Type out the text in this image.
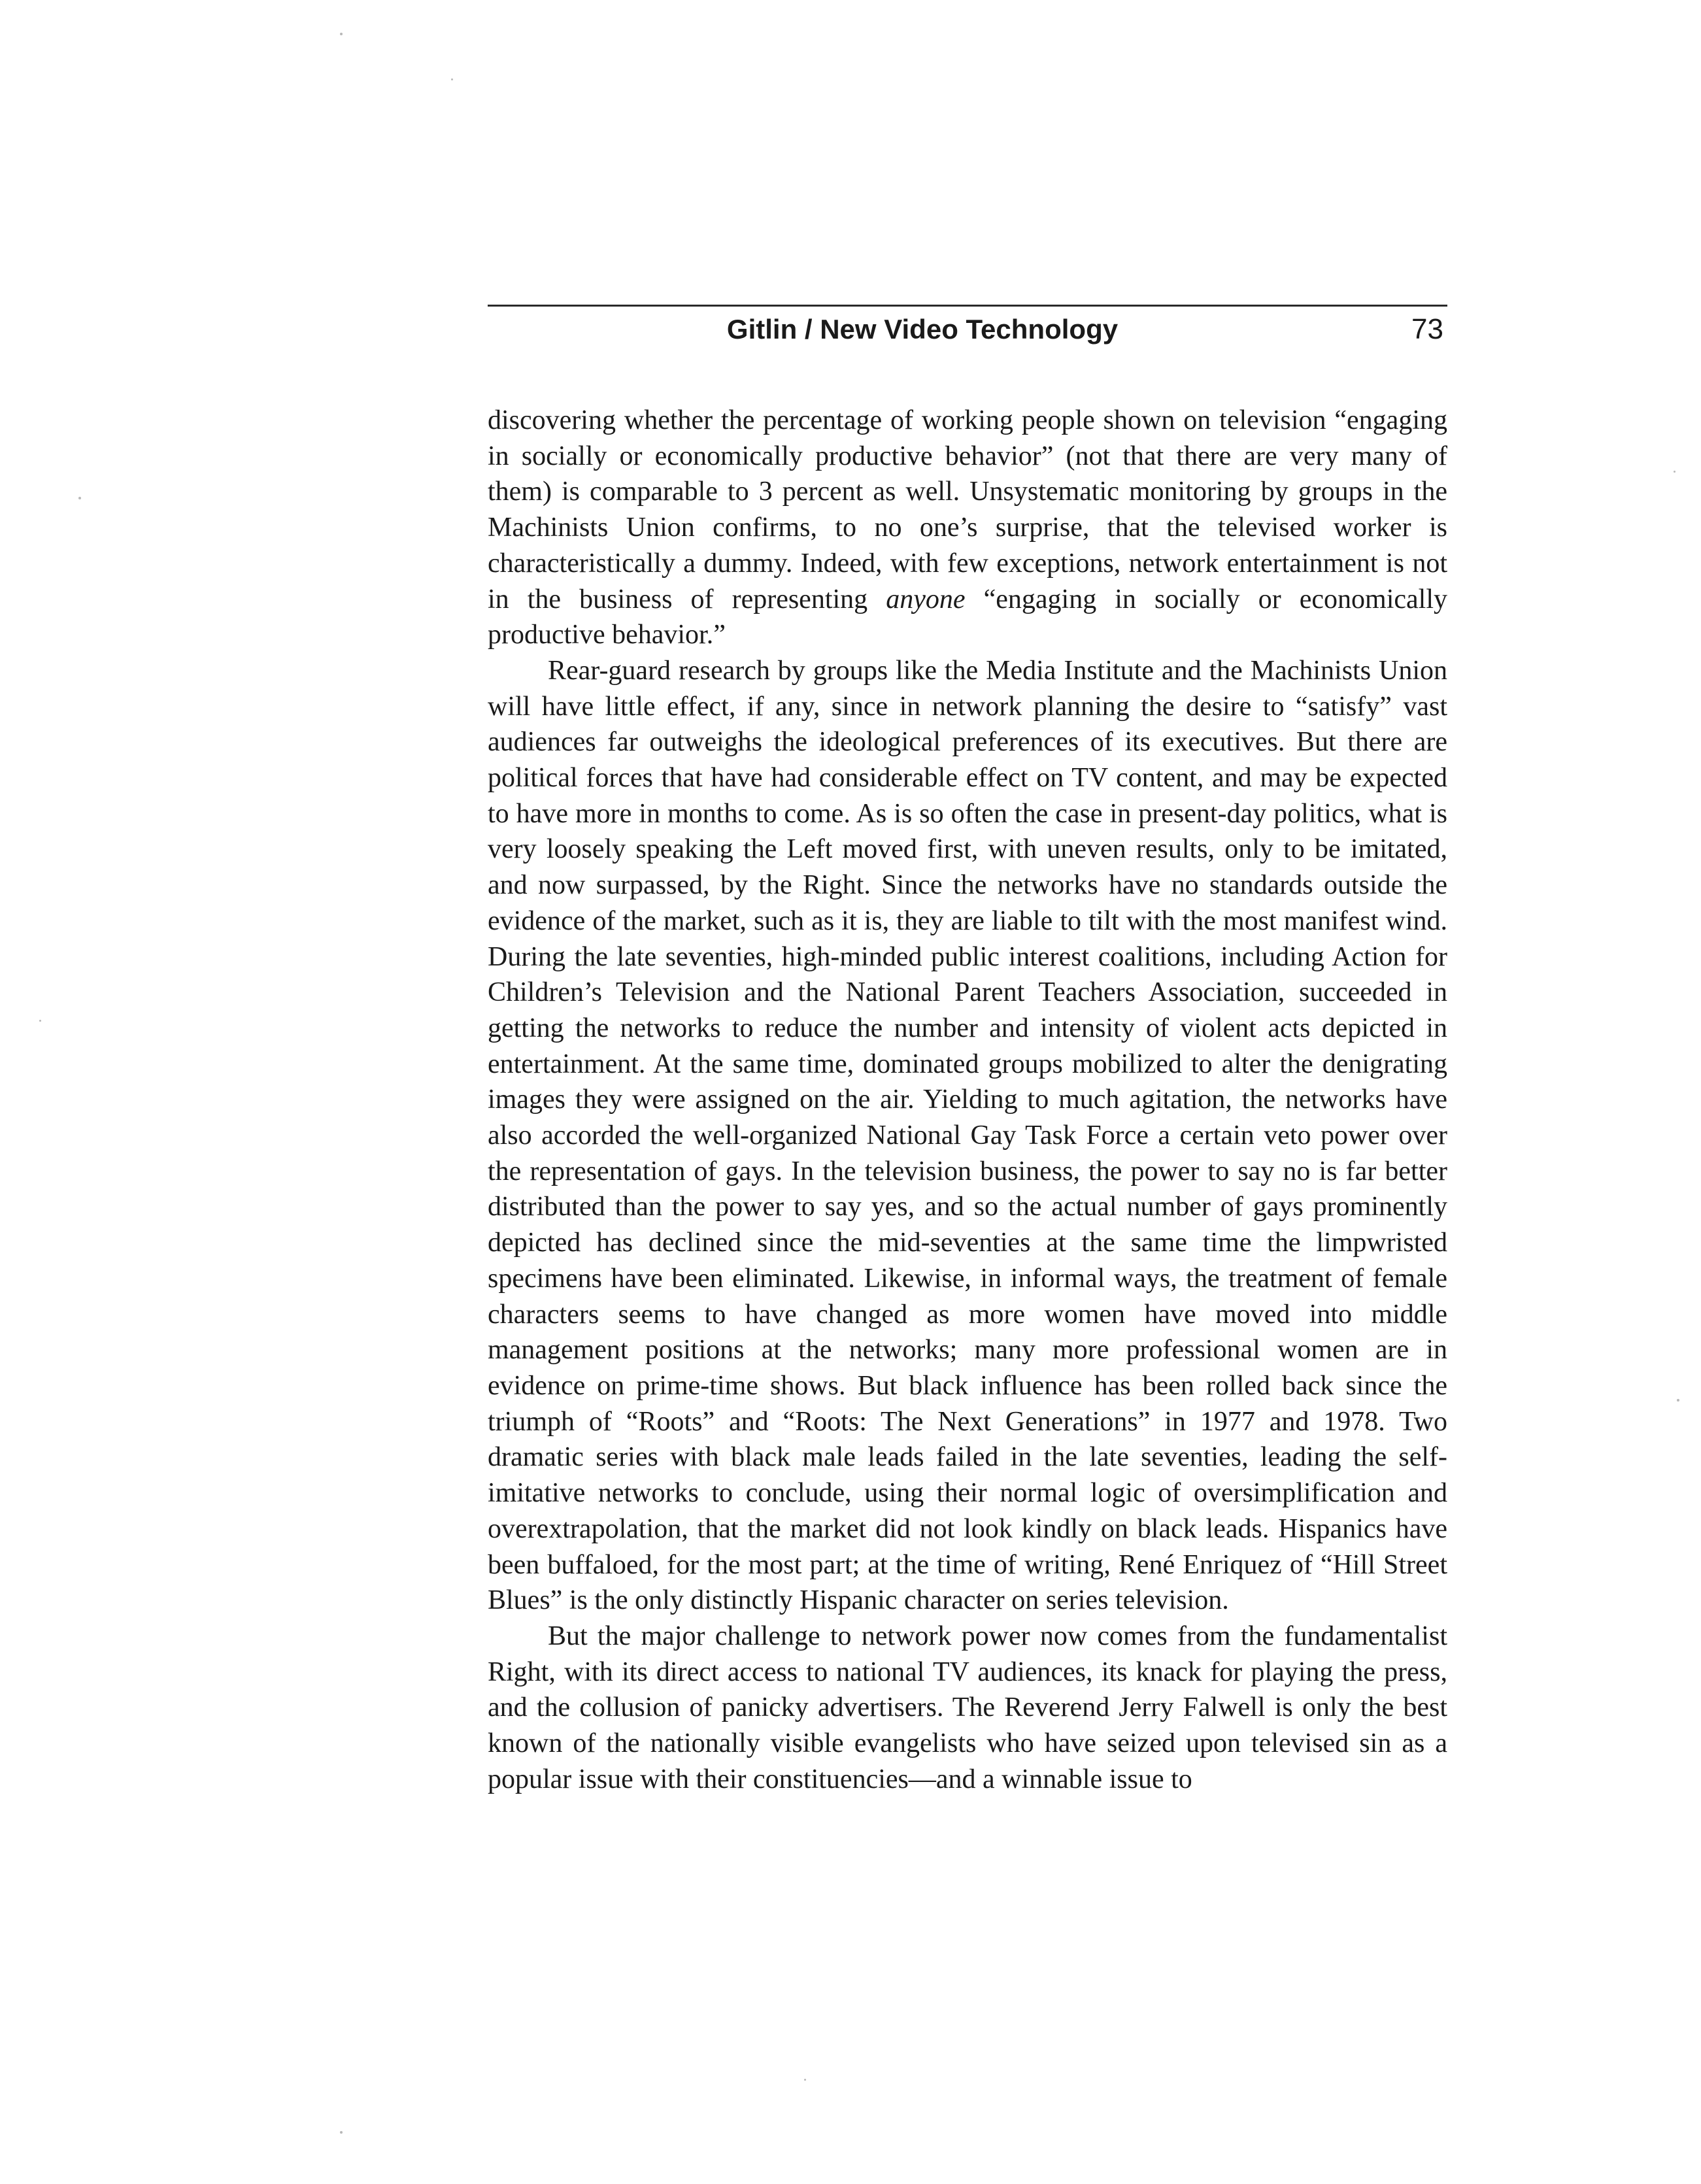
Gitlin / New Video Technology	73

discovering whether the percentage of working people shown on television “engaging in socially or economically productive behavior” (not that there are very many of them) is comparable to 3 percent as well. Unsystematic monitoring by groups in the Machinists Union confirms, to no one’s surprise, that the televised worker is characteristically a dummy. Indeed, with few exceptions, network entertainment is not in the business of representing anyone “engaging in socially or economically productive behavior.”

Rear-guard research by groups like the Media Institute and the Machinists Union will have little effect, if any, since in network planning the desire to “satisfy” vast audiences far outweighs the ideological preferences of its executives. But there are political forces that have had considerable effect on TV content, and may be expected to have more in months to come. As is so often the case in present-day politics, what is very loosely speaking the Left moved first, with uneven results, only to be imitated, and now surpassed, by the Right. Since the networks have no standards outside the evidence of the market, such as it is, they are liable to tilt with the most manifest wind. During the late seventies, high-minded public interest coalitions, including Action for Children’s Television and the National Parent Teachers Association, succeeded in getting the networks to reduce the number and intensity of violent acts depicted in entertainment. At the same time, dominated groups mobilized to alter the denigrating images they were assigned on the air. Yielding to much agitation, the networks have also accorded the well-organized National Gay Task Force a certain veto power over the representation of gays. In the television business, the power to say no is far better distributed than the power to say yes, and so the actual number of gays prominently depicted has declined since the mid-seventies at the same time the limpwristed specimens have been eliminated. Likewise, in informal ways, the treatment of female characters seems to have changed as more women have moved into middle management positions at the networks; many more professional women are in evidence on prime-time shows. But black influence has been rolled back since the triumph of “Roots” and “Roots: The Next Generations” in 1977 and 1978. Two dramatic series with black male leads failed in the late seventies, leading the self-imitative networks to conclude, using their normal logic of oversimplification and overextrapolation, that the market did not look kindly on black leads. Hispanics have been buffaloed, for the most part; at the time of writing, René Enriquez of “Hill Street Blues” is the only distinctly Hispanic character on series television.

But the major challenge to network power now comes from the fundamentalist Right, with its direct access to national TV audiences, its knack for playing the press, and the collusion of panicky advertisers. The Reverend Jerry Falwell is only the best known of the nationally visible evangelists who have seized upon televised sin as a popular issue with their constituencies—and a winnable issue to
